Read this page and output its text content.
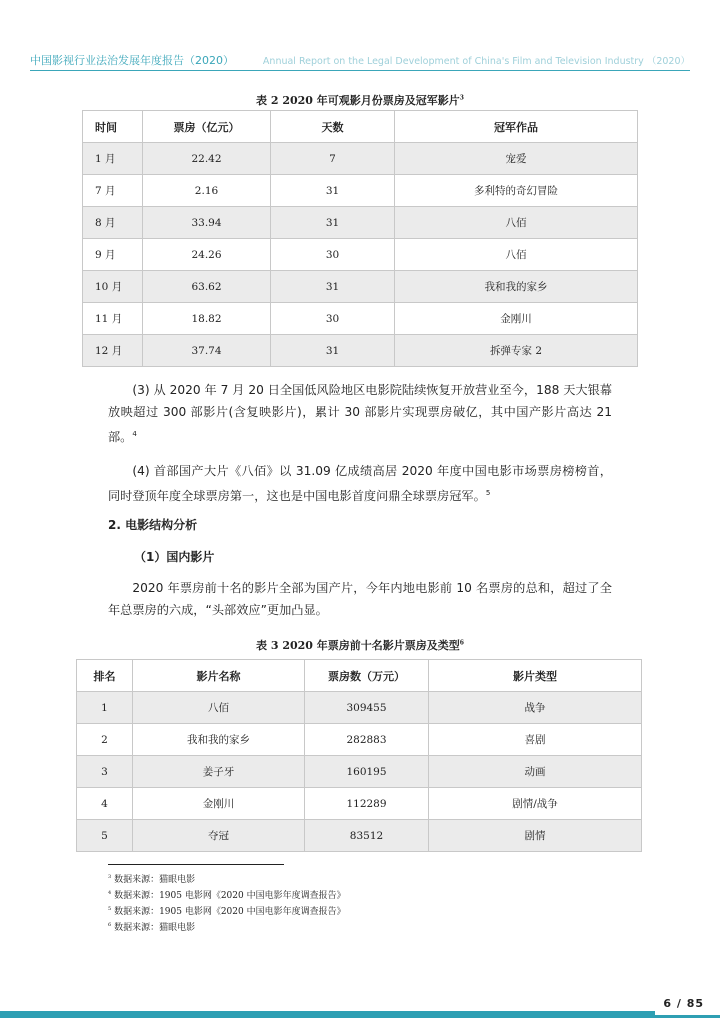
中国影视行业法治发展年度报告（2020）	Annual Report on the Legal Development of China's Film and Television Industry （2020）
表 2 2020 年可观影月份票房及冠军影片$^3$
时间	票房（亿元）	天数	冠军作品
1 月	22.42	7	宠爱
7 月	2.16	31	多利特的奇幻冒险
8 月	33.94	31	八佰
9 月	24.26	30	八佰
10 月	63.62	31	我和我的家乡
11 月	18.82	30	金刚川
12 月	37.74	31	拆弹专家 2
(3) 从 2020 年 7 月 20 日全国低风险地区电影院陆续恢复开放营业至今，188 天大银幕放映超过 300 部影片(含复映影片)，累计 30 部影片实现票房破亿，其中国产影片高达 21 部。$^4$
(4) 首部国产大片《八佰》以 31.09 亿成绩高居 2020 年度中国电影市场票房榜榜首，同时登顶年度全球票房第一，这也是中国电影首度问鼎全球票房冠军。$^5$
2. 电影结构分析
（1）国内影片
2020 年票房前十名的影片全部为国产片，今年内地电影前 10 名票房的总和，超过了全年总票房的六成，“头部效应”更加凸显。
表 3 2020 年票房前十名影片票房及类型$^6$
排名	影片名称	票房数（万元）	影片类型
1	八佰	309455	战争
2	我和我的家乡	282883	喜剧
3	姜子牙	160195	动画
4	金刚川	112289	剧情/战争
5	夺冠	83512	剧情
$^3$ 数据来源：猫眼电影
$^4$ 数据来源：1905 电影网《2020 中国电影年度调查报告》
$^5$ 数据来源：1905 电影网《2020 中国电影年度调查报告》
$^6$ 数据来源：猫眼电影
6 / 85
